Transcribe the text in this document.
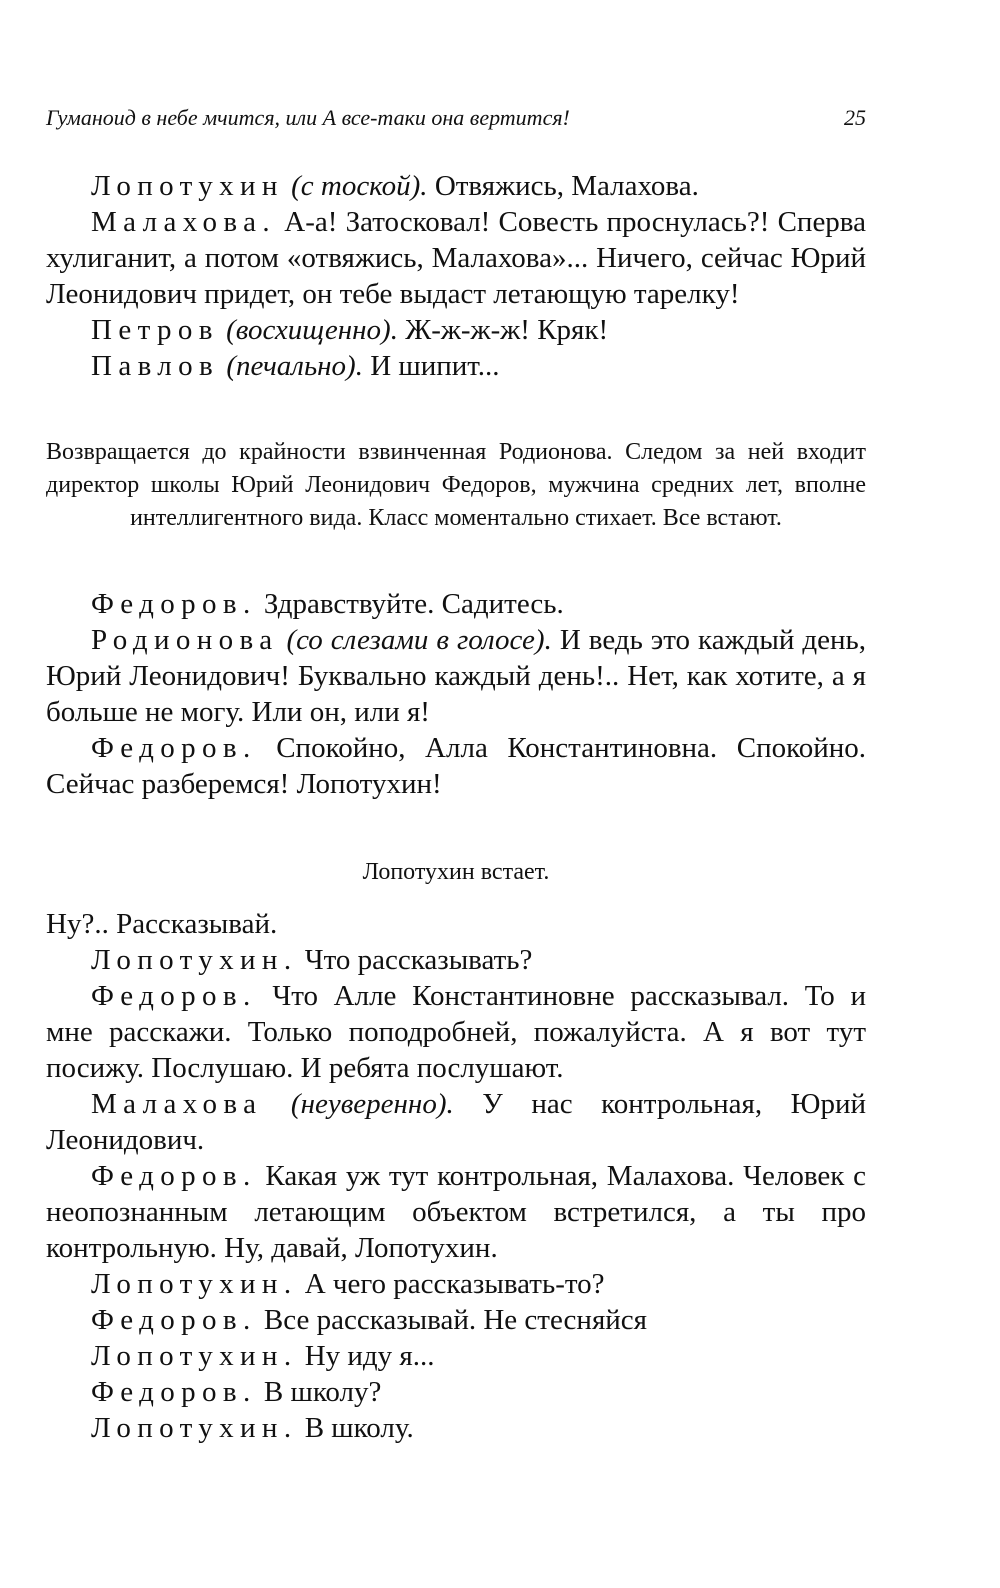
Гуманоид в небе мчится, или А все-таки она вертится!	25
Лопотухин (с тоской). Отвяжись, Малахова.
Малахова. А-а! Затосковал! Совесть проснулась?! Сперва хулиганит, а потом «отвяжись, Малахова»... Ничего, сейчас Юрий Леонидович придет, он тебе выдаст летающую тарелку!
Петров (восхищенно). Ж-ж-ж-ж! Кряк!
Павлов (печально). И шипит...
Возвращается до крайности взвинченная Родионова. Следом за ней входит директор школы Юрий Леонидович Федоров, мужчина средних лет, вполне интеллигентного вида. Класс моментально стихает. Все встают.
Федоров. Здравствуйте. Садитесь.
Родионова (со слезами в голосе). И ведь это каждый день, Юрий Леонидович! Буквально каждый день!.. Нет, как хотите, а я больше не могу. Или он, или я!
Федоров. Спокойно, Алла Константиновна. Спокойно. Сейчас разберемся! Лопотухин!
Лопотухин встает.
Ну?.. Рассказывай.
Лопотухин. Что рассказывать?
Федоров. Что Алле Константиновне рассказывал. То и мне расскажи. Только поподробней, пожалуйста. А я вот тут посижу. Послушаю. И ребята послушают.
Малахова (неуверенно). У нас контрольная, Юрий Леонидович.
Федоров. Какая уж тут контрольная, Малахова. Человек с неопознанным летающим объектом встретился, а ты про контрольную. Ну, давай, Лопотухин.
Лопотухин. А чего рассказывать-то?
Федоров. Все рассказывай. Не стесняйся
Лопотухин. Ну иду я...
Федоров. В школу?
Лопотухин. В школу.
